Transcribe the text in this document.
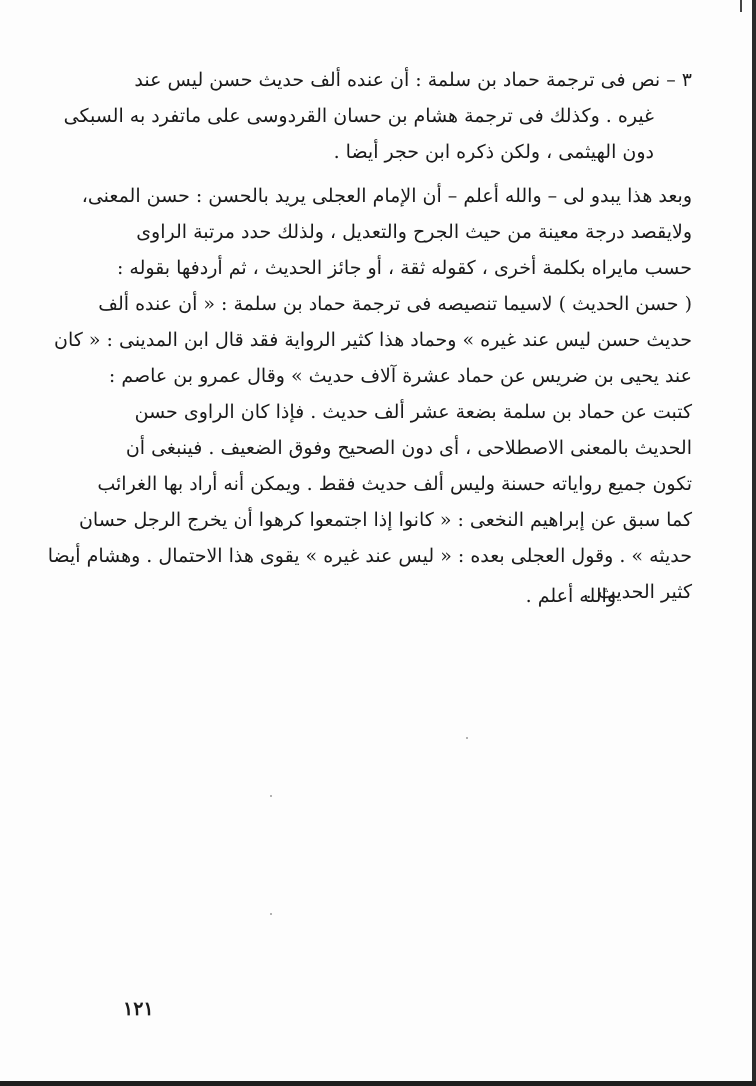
٣ – نص فى ترجمة حماد بن سلمة : أن عنده ألف حديث حسن ليس عند
غيره . وكذلك فى ترجمة هشام بن حسان القردوسى على ماتفرد به السبكى
دون الهيثمى ، ولكن ذكره ابن حجر أيضا .
وبعد هذا يبدو لى – والله أعلم – أن الإمام العجلى يريد بالحسن : حسن المعنى،
ولايقصد درجة معينة من حيث الجرح والتعديل ، ولذلك حدد مرتبة الراوى
حسب مايراه بكلمة أخرى ، كقوله ثقة ، أو جائز الحديث ، ثم أردفها بقوله :
( حسن الحديث ) لاسيما تنصيصه فى ترجمة حماد بن سلمة : « أن عنده ألف
حديث حسن ليس عند غيره » وحماد هذا كثير الرواية فقد قال ابن المدينى : « كان
عند يحيى بن ضريس عن حماد عشرة آلاف حديث » وقال عمرو بن عاصم :
كتبت عن حماد بن سلمة بضعة عشر ألف حديث . فإذا كان الراوى حسن
الحديث بالمعنى الاصطلاحى ، أى دون الصحيح وفوق الضعيف . فينبغى أن
تكون جميع رواياته حسنة وليس ألف حديث فقط . ويمكن أنه أراد بها الغرائب
كما سبق عن إبراهيم النخعى : « كانوا إذا اجتمعوا كرهوا أن يخرج الرجل حسان
حديثه » . وقول العجلى بعده : « ليس عند غيره » يقوى هذا الاحتمال . وهشام أيضا
كثير الحديث .
والله أعلم .
١٢١
